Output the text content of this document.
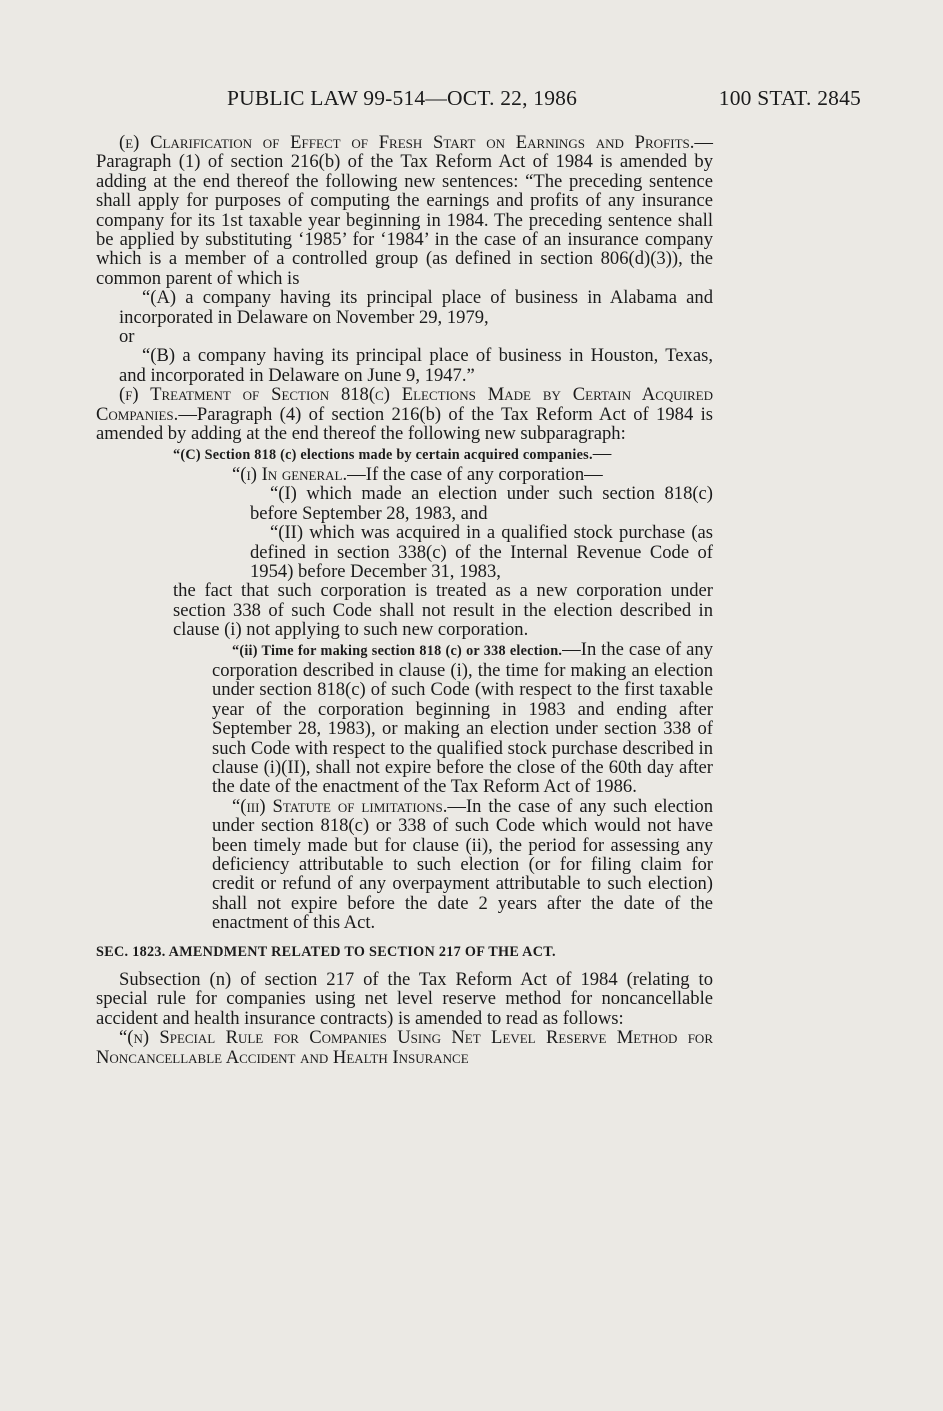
PUBLIC LAW 99-514—OCT. 22, 1986	100 STAT. 2845

(e) Clarification of Effect of Fresh Start on Earnings and Profits.—Paragraph (1) of section 216(b) of the Tax Reform Act of 1984 is amended by adding at the end thereof the following new sentences: “The preceding sentence shall apply for purposes of computing the earnings and profits of any insurance company for its 1st taxable year beginning in 1984. The preceding sentence shall be applied by substituting ‘1985’ for ‘1984’ in the case of an insurance company which is a member of a controlled group (as defined in section 806(d)(3)), the common parent of which is

“(A) a company having its principal place of business in Alabama and incorporated in Delaware on November 29, 1979,

or

“(B) a company having its principal place of business in Houston, Texas, and incorporated in Delaware on June 9, 1947.”

(f) Treatment of Section 818(c) Elections Made by Certain Acquired Companies.—Paragraph (4) of section 216(b) of the Tax Reform Act of 1984 is amended by adding at the end thereof the following new subparagraph:

“(C) Section 818 (c) elections made by certain acquired companies.—

“(i) In general.—If the case of any corporation—

“(I) which made an election under such section 818(c) before September 28, 1983, and

“(II) which was acquired in a qualified stock purchase (as defined in section 338(c) of the Internal Revenue Code of 1954) before December 31, 1983,

the fact that such corporation is treated as a new corporation under section 338 of such Code shall not result in the election described in clause (i) not applying to such new corporation.

“(ii) Time for making section 818 (c) or 338 election.—In the case of any corporation described in clause (i), the time for making an election under section 818(c) of such Code (with respect to the first taxable year of the corporation beginning in 1983 and ending after September 28, 1983), or making an election under section 338 of such Code with respect to the qualified stock purchase described in clause (i)(II), shall not expire before the close of the 60th day after the date of the enactment of the Tax Reform Act of 1986.

“(iii) Statute of limitations.—In the case of any such election under section 818(c) or 338 of such Code which would not have been timely made but for clause (ii), the period for assessing any deficiency attributable to such election (or for filing claim for credit or refund of any overpayment attributable to such election) shall not expire before the date 2 years after the date of the enactment of this Act.

SEC. 1823. AMENDMENT RELATED TO SECTION 217 OF THE ACT.

Subsection (n) of section 217 of the Tax Reform Act of 1984 (relating to special rule for companies using net level reserve method for noncancellable accident and health insurance contracts) is amended to read as follows:

“(n) Special Rule for Companies Using Net Level Reserve Method for Noncancellable Accident and Health Insurance
